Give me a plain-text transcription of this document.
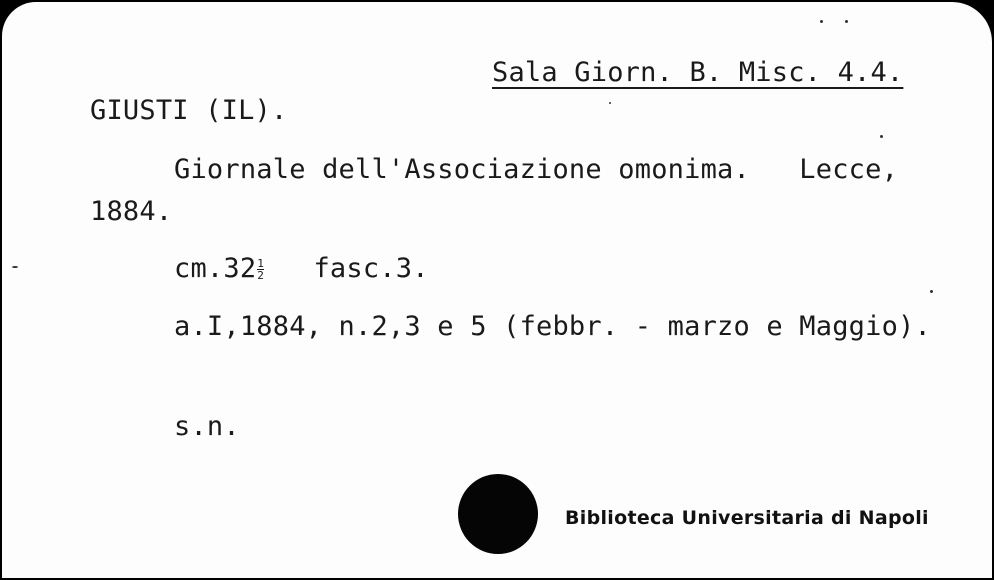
Sala Giorn. B. Misc. 4.4.
GIUSTI (IL).
Giornale dell'Associazione omonima.   Lecce,
1884.
$cm.32 \frac{1}{2}$ fasc.3.
a.I,1884, n.2,3 e 5 (febbr. - marzo e Maggio).
s.n.
Biblioteca Universitaria di Napoli
